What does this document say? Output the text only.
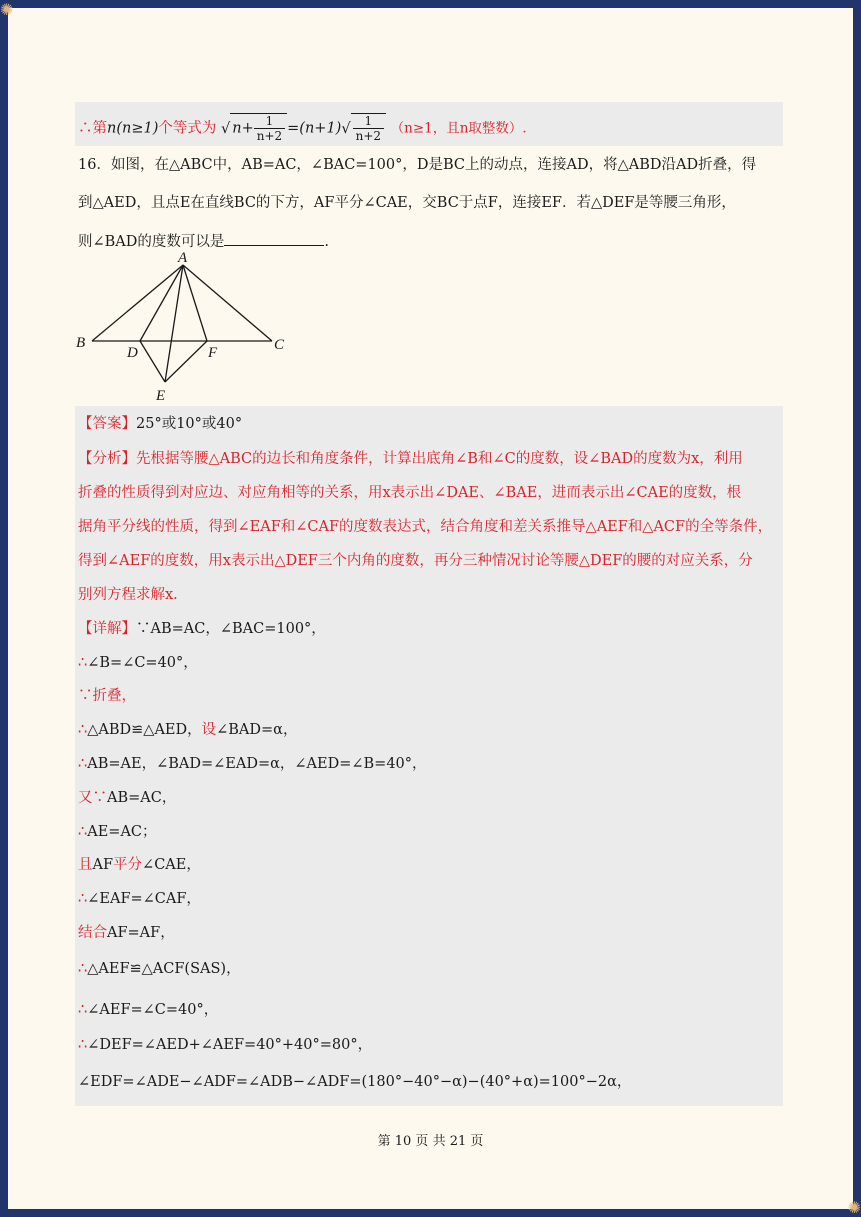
✺
✺
∴第n(n≥1)个等式为 √ $n+ \frac{1}{n+2} =(n+1)√ \frac{1}{n+2} (n\ge 1$，且n取整数）.
16．如图，在△ABC中，AB=AC，∠BAC=100°，D是BC上的动点，连接AD，将△ABD沿AD折叠，得
到△AED，且点E在直线BC的下方，AF平分∠CAE，交BC于点F，连接EF．若△DEF是等腰三角形，
则∠BAD的度数可以是	.
A
B	C
D	F
E
【答案】25°或10°或40°
【分析】先根据等腰△ABC的边长和角度条件，计算出底角∠B和∠C的度数，设∠BAD的度数为x，利用
折叠的性质得到对应边、对应角相等的关系，用x表示出∠DAE、∠BAE，进而表示出∠CAE的度数，根
据角平分线的性质，得到∠EAF和∠CAF的度数表达式，结合角度和差关系推导△AEF和△ACF的全等条件，
得到∠AEF的度数，用x表示出△DEF三个内角的度数，再分三种情况讨论等腰△DEF的腰的对应关系，分
别列方程求解x.
【详解】∵AB=AC，∠BAC=100°，
∴∠B=∠C=40°，
∵折叠，
∴△ABD≌△AED，设∠BAD=α，
∴AB=AE，∠BAD=∠EAD=α，∠AED=∠B=40°，
又∵AB=AC，
∴AE=AC；
且AF平分∠CAE，
∴∠EAF=∠CAF，
结合AF=AF，
∴△AEF≌△ACF(SAS)，
∴∠AEF=∠C=40°，
∴∠DEF=∠AED+∠AEF=40°+40°=80°，
∠EDF=∠ADE−∠ADF=∠ADB−∠ADF=(180°−40°−α)−(40°+α)=100°−2α，
第 10 页 共 21 页
